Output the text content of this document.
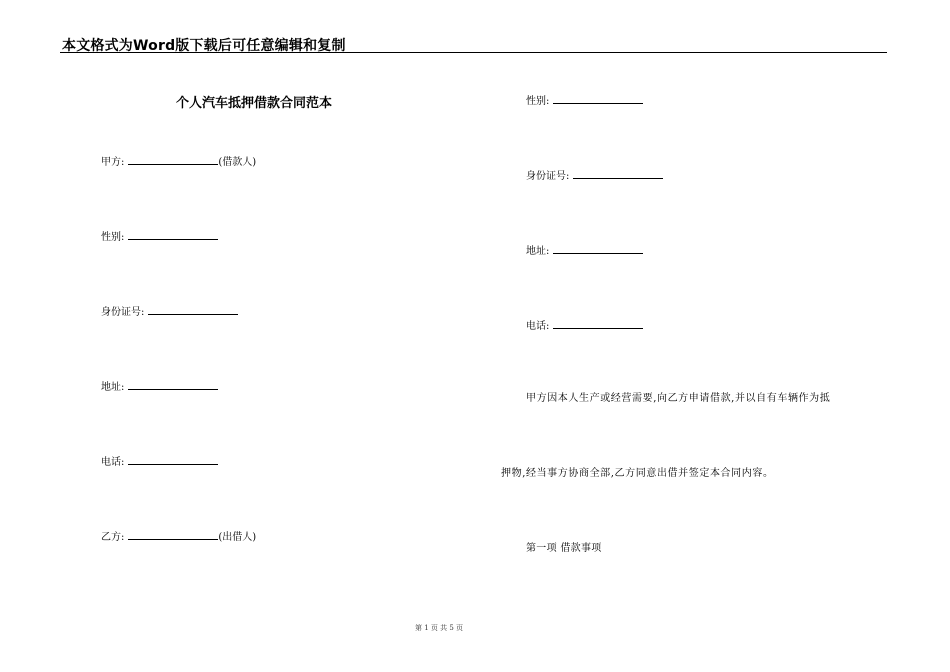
本文格式为Word版下载后可任意编辑和复制
个人汽车抵押借款合同范本
甲方:	(借款人)
性别:
身份证号:
地址:
电话:
乙方:	(出借人)
性别:
身份证号:
地址:
电话:
甲方因本人生产或经营需要,向乙方申请借款,并以自有车辆作为抵
押物,经当事方协商全部,乙方同意出借并签定本合同内容。
第一项 借款事项
第 1 页 共 5 页
